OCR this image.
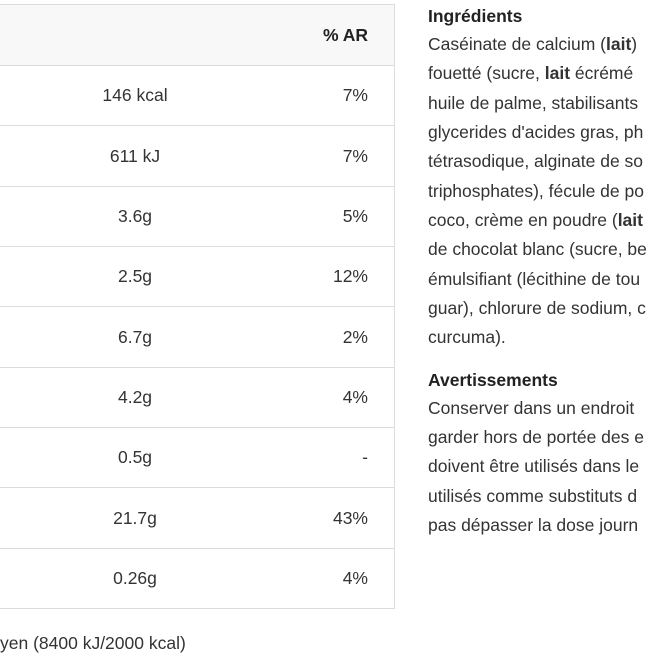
% AR
146 kcal	7%
611 kJ	7%
3.6g	5%
2.5g	12%
6.7g	2%
4.2g	4%
0.5g	-
21.7g	43%
0.26g	4%
yen (8400 kJ/2000 kcal)
Ingrédients
Caséinate de calcium (lait)
fouetté (sucre, lait écrémé
huile de palme, stabilisants
glycerides d'acides gras, ph
tétrasodique, alginate de so
triphosphates), fécule de po
coco, crème en poudre (lait
de chocolat blanc (sucre, be
émulsifiant (lécithine de tou
guar), chlorure de sodium, c
curcuma).
Avertissements
Conserver dans un endroit
garder hors de portée des e
doivent être utilisés dans le
utilisés comme substituts d
pas dépasser la dose journ
